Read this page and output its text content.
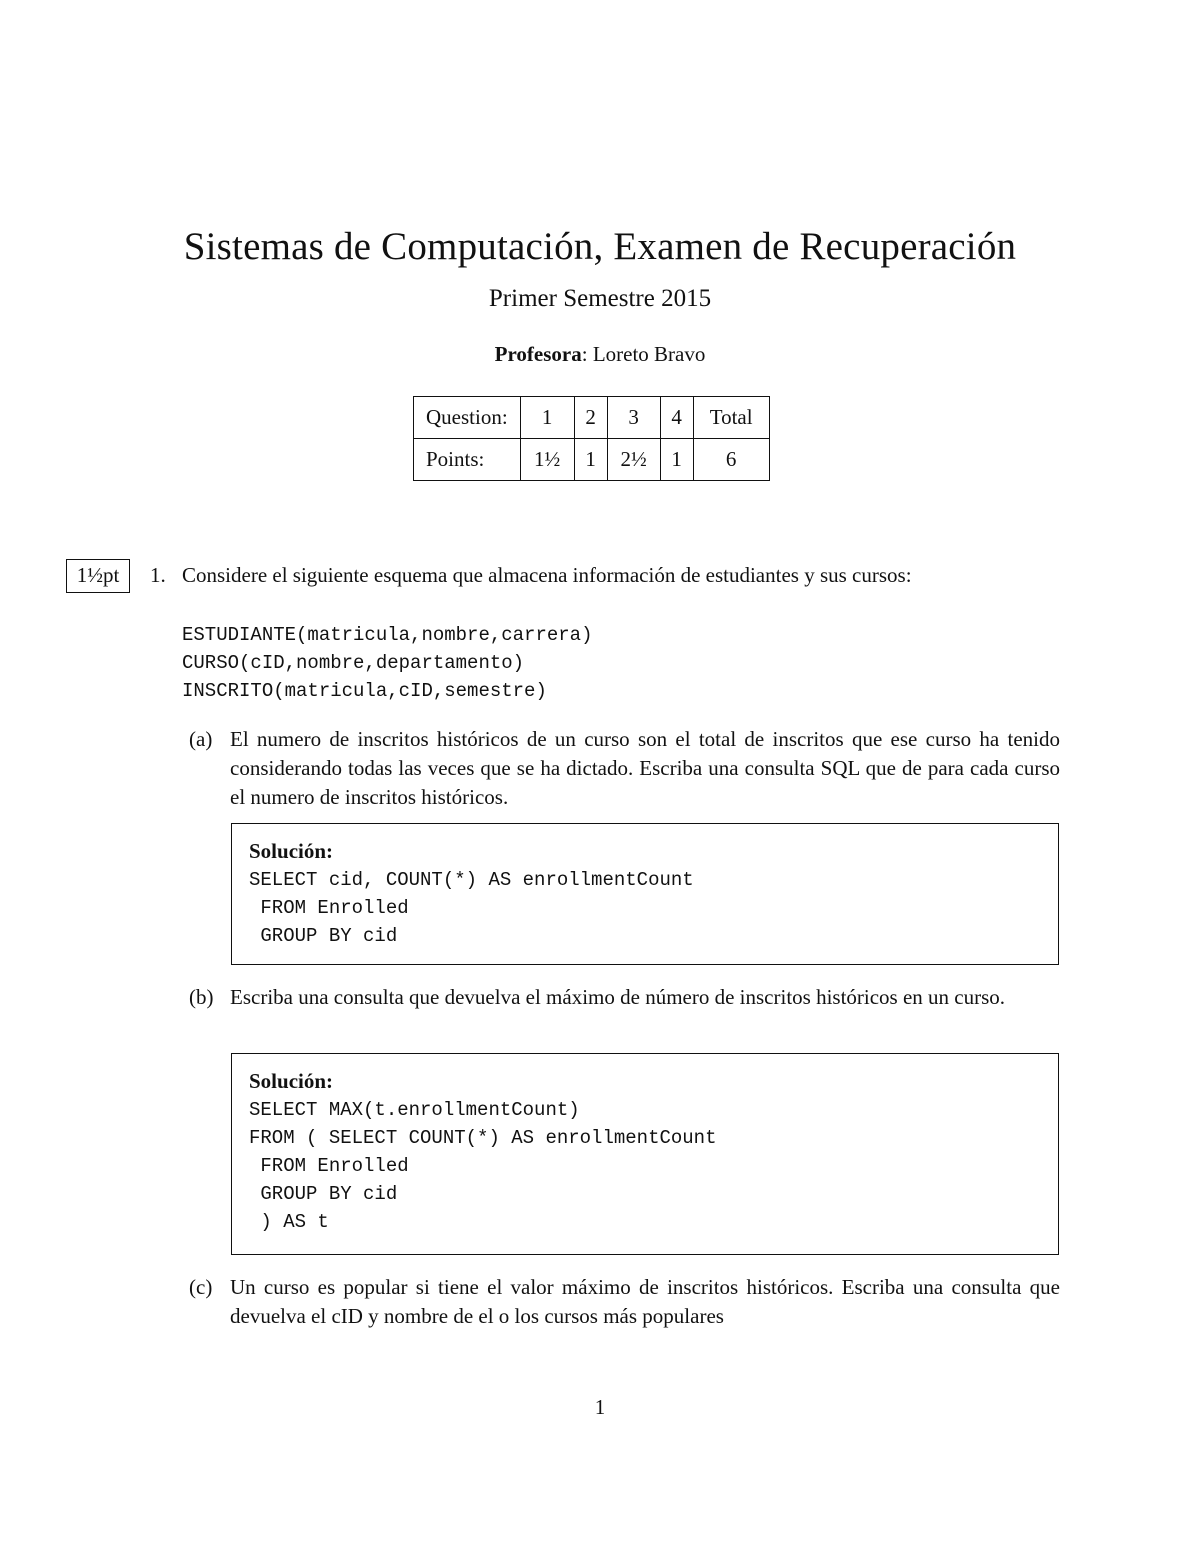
Sistemas de Computación, Examen de Recuperación
Primer Semestre 2015
Profesora: Loreto Bravo
Question:	1	2	3	4	Total
Points:	1½	1	2½	1	6
1½pt	1. Considere el siguiente esquema que almacena información de estudiantes y sus cursos:
ESTUDIANTE(matricula,nombre,carrera)
CURSO(cID,nombre,departamento)
INSCRITO(matricula,cID,semestre)
(a) El numero de inscritos históricos de un curso son el total de inscritos que ese curso ha tenido considerando todas las veces que se ha dictado. Escriba una consulta SQL que de para cada curso el numero de inscritos históricos.
Solución:
SELECT cid, COUNT(*) AS enrollmentCount
FROM Enrolled
GROUP BY cid
(b) Escriba una consulta que devuelva el máximo de número de inscritos históricos en un curso.
Solución:
SELECT MAX(t.enrollmentCount)
FROM ( SELECT COUNT(*) AS enrollmentCount
FROM Enrolled
GROUP BY cid
) AS t
(c) Un curso es popular si tiene el valor máximo de inscritos históricos. Escriba una consulta que devuelva el cID y nombre de el o los cursos más populares
1
